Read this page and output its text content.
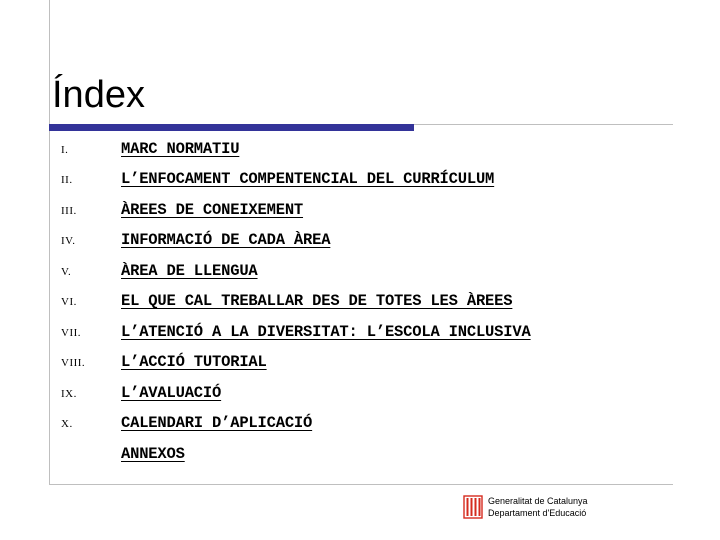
Índex
I.	MARC NORMATIU
II.	L’ENFOCAMENT COMPENTENCIAL DEL CURRÍCULUM
III.	ÀREES DE CONEIXEMENT
IV.	INFORMACIÓ DE CADA ÀREA
V.	ÀREA DE LLENGUA
VI.	EL QUE CAL TREBALLAR DES DE TOTES LES ÀREES
VII.	L’ATENCIÓ A LA DIVERSITAT: L’ESCOLA INCLUSIVA
VIII. L’ACCIÓ TUTORIAL
IX.	L’AVALUACIÓ
X.	CALENDARI D’APLICACIÓ
ANNEXOS
Generalitat de Catalunya
Departament d'Educació
